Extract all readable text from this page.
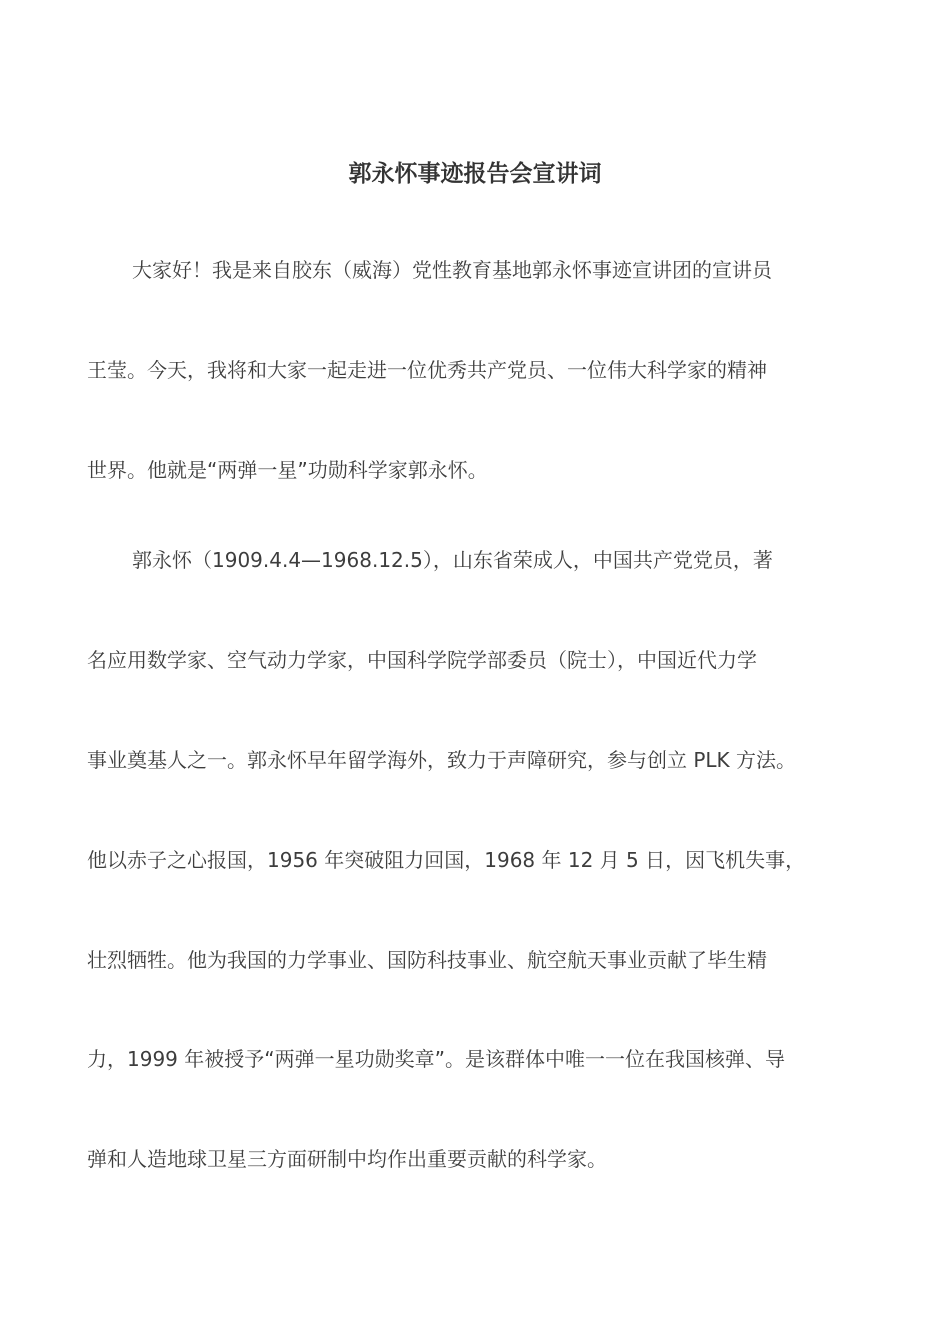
郭永怀事迹报告会宣讲词

大家好！我是来自胶东（威海）党性教育基地郭永怀事迹宣讲团的宣讲员

王莹。今天，我将和大家一起走进一位优秀共产党员、一位伟大科学家的精神

世界。他就是“两弹一星”功勋科学家郭永怀。

郭永怀（1909.4.4—1968.12.5），山东省荣成人，中国共产党党员，著

名应用数学家、空气动力学家，中国科学院学部委员（院士），中国近代力学

事业奠基人之一。郭永怀早年留学海外，致力于声障研究，参与创立 PLK 方法。

他以赤子之心报国，1956 年突破阻力回国，1968 年 12 月 5 日，因飞机失事，

壮烈牺牲。他为我国的力学事业、国防科技事业、航空航天事业贡献了毕生精

力，1999 年被授予“两弹一星功勋奖章”。是该群体中唯一一位在我国核弹、导

弹和人造地球卫星三方面研制中均作出重要贡献的科学家。
